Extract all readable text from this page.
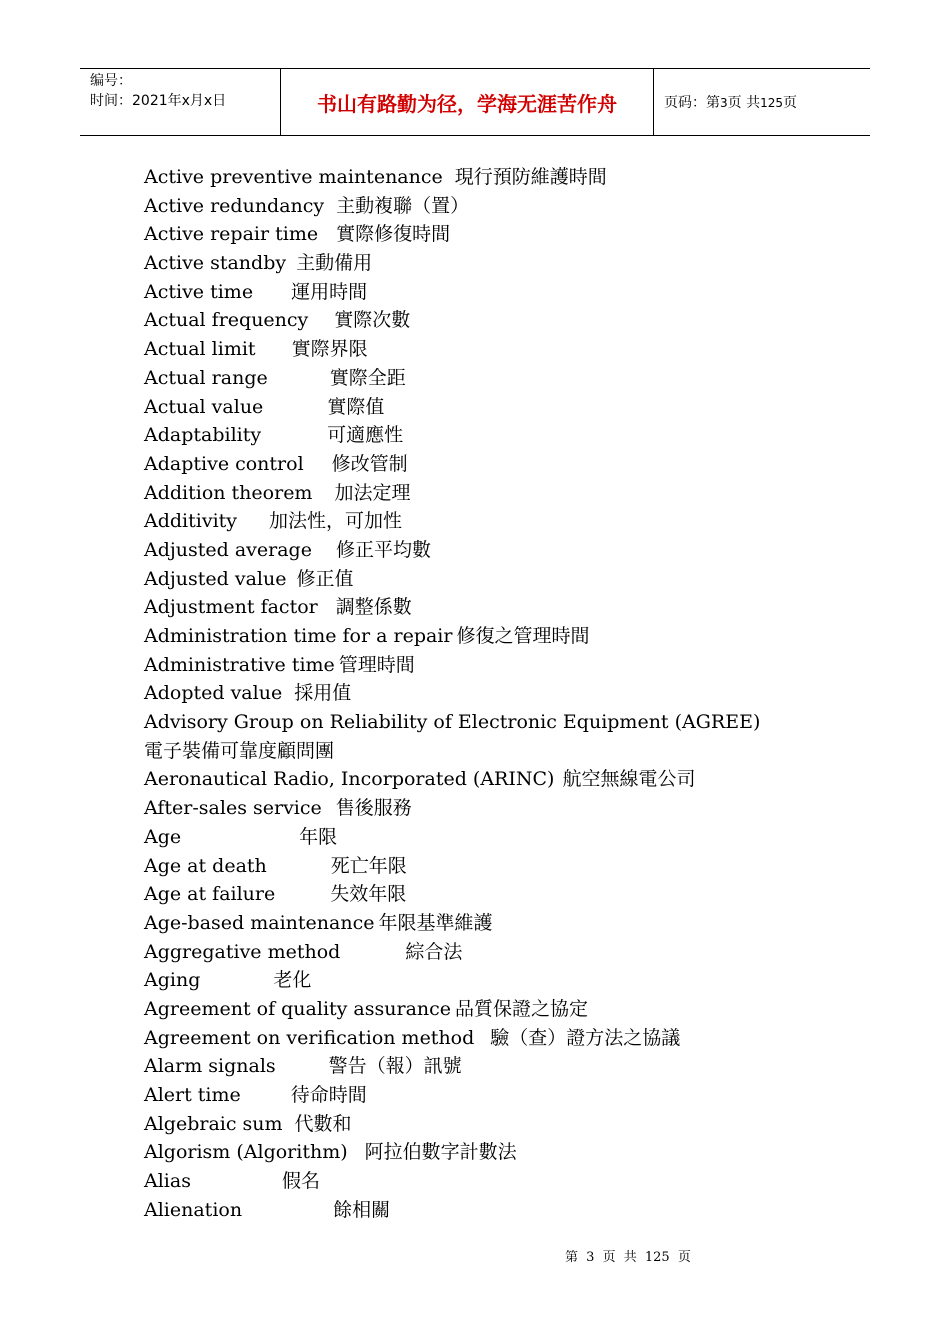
编号：
时间：2021年x月x日	书山有路勤为径，学海无涯苦作舟	页码：第3页 共125页
Active preventive maintenance 現行預防維護時間
Active redundancy 主動複聯（置）
Active repair time 實際修復時間
Active standby 主動備用
Active time 運用時間
Actual frequency 實際次數
Actual limit 實際界限
Actual range	實際全距
Actual value	實際值
Adaptability	可適應性
Adaptive control 修改管制
Addition theorem 加法定理
Additivity 加法性，可加性
Adjusted average 修正平均數
Adjusted value 修正值
Adjustment factor 調整係數
Administration time for a repair 修復之管理時間
Administrative time 管理時間
Adopted value 採用值
Advisory Group on Reliability of Electronic Equipment (AGREE)電子裝備可靠度顧問團
Aeronautical Radio, Incorporated (ARINC) 航空無線電公司
After-sales service 售後服務
Age	年限
Age at death	死亡年限
Age at failure	失效年限
Age-based maintenance 年限基準維護
Aggregative method	綜合法
Aging	老化
Agreement of quality assurance 品質保證之協定
Agreement on verification method 驗（查）證方法之協議
Alarm signals	警告（報）訊號
Alert time	待命時間
Algebraic sum 代數和
Algorism (Algorithm) 阿拉伯數字計數法
Alias	假名
Alienation	餘相關
第 3 页 共 125 页
